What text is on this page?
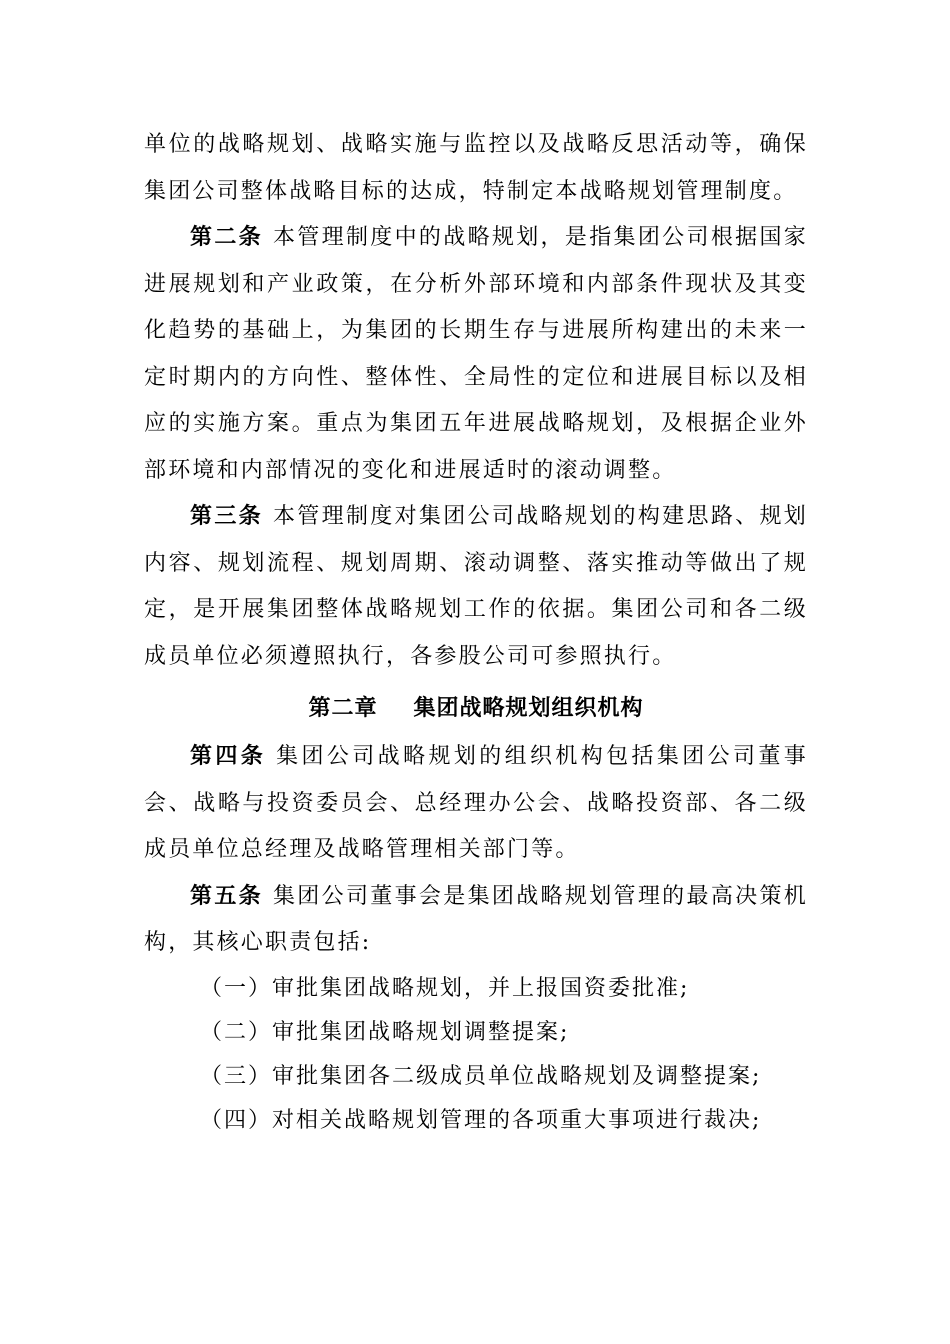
单位的战略规划、战略实施与监控以及战略反思活动等，确保集团公司整体战略目标的达成，特制定本战略规划管理制度。

第二条 本管理制度中的战略规划，是指集团公司根据国家进展规划和产业政策，在分析外部环境和内部条件现状及其变化趋势的基础上，为集团的长期生存与进展所构建出的未来一定时期内的方向性、整体性、全局性的定位和进展目标以及相应的实施方案。重点为集团五年进展战略规划，及根据企业外部环境和内部情况的变化和进展适时的滚动调整。

第三条 本管理制度对集团公司战略规划的构建思路、规划内容、规划流程、规划周期、滚动调整、落实推动等做出了规定，是开展集团整体战略规划工作的依据。集团公司和各二级成员单位必须遵照执行，各参股公司可参照执行。

第二章 集团战略规划组织机构

第四条 集团公司战略规划的组织机构包括集团公司董事会、战略与投资委员会、总经理办公会、战略投资部、各二级成员单位总经理及战略管理相关部门等。

第五条 集团公司董事会是集团战略规划管理的最高决策机构，其核心职责包括:

（一）审批集团战略规划，并上报国资委批准;

（二）审批集团战略规划调整提案;

（三）审批集团各二级成员单位战略规划及调整提案;

（四）对相关战略规划管理的各项重大事项进行裁决;
